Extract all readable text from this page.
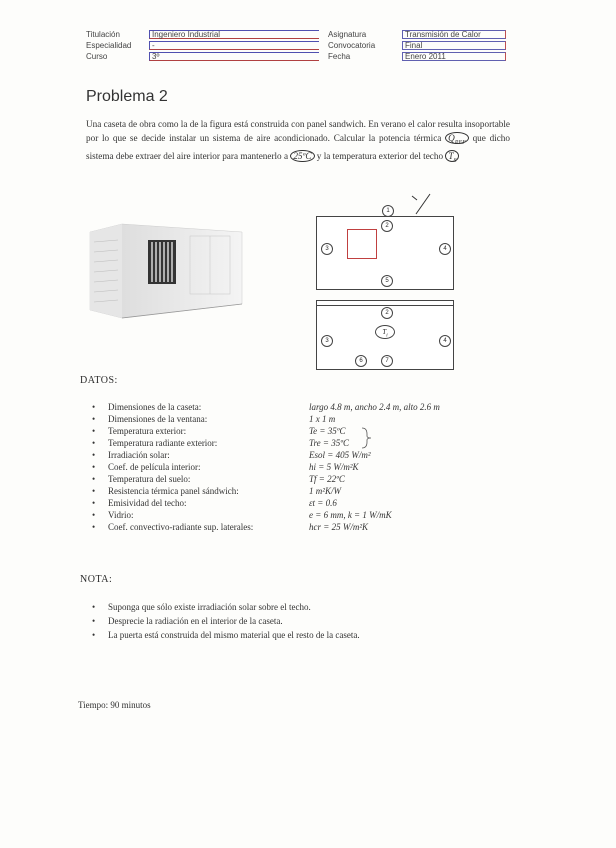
Titulación	Ingeniero Industrial
Especialidad	-
Curso	3º
Asignatura	Transmisión de Calor
Convocatoria	Final
Fecha	Enero 2011
Problema 2
Una caseta de obra como la de la figura está construida con panel sandwich. En verano el calor resulta insoportable por lo que se decide instalar un sistema de aire acondicionado. Calcular la potencia térmica $Q_{REF}$ que dicho sistema debe extraer del aire interior para mantenerlo a 25ºC y la temperatura exterior del techo $T_S$
2
3	4
5
1
2
$T_i$
3	4
6	7
DATOS:
• Dimensiones de la caseta:	largo 4.8 m, ancho 2.4 m, alto 2.6 m
• Dimensiones de la ventana:	1 x 1 m
• Temperatura exterior:	Te = 35ºC
• Temperatura radiante exterior:	Tre = 35ºC
• Irradiación solar:	Esol = 405 W/m²
• Coef. de película interior:	hi = 5 W/m²K
• Temperatura del suelo:	Tf = 22ºC
• Resistencia térmica panel sándwich:	1 m²K/W
• Emisividad del techo:	εt = 0.6
• Vidrio:	e = 6 mm, k = 1 W/mK
• Coef. convectivo-radiante sup. laterales:	hcr = 25 W/m²K
NOTA:
• Suponga que sólo existe irradiación solar sobre el techo.
• Desprecie la radiación en el interior de la caseta.
• La puerta está construida del mismo material que el resto de la caseta.
Tiempo: 90 minutos
